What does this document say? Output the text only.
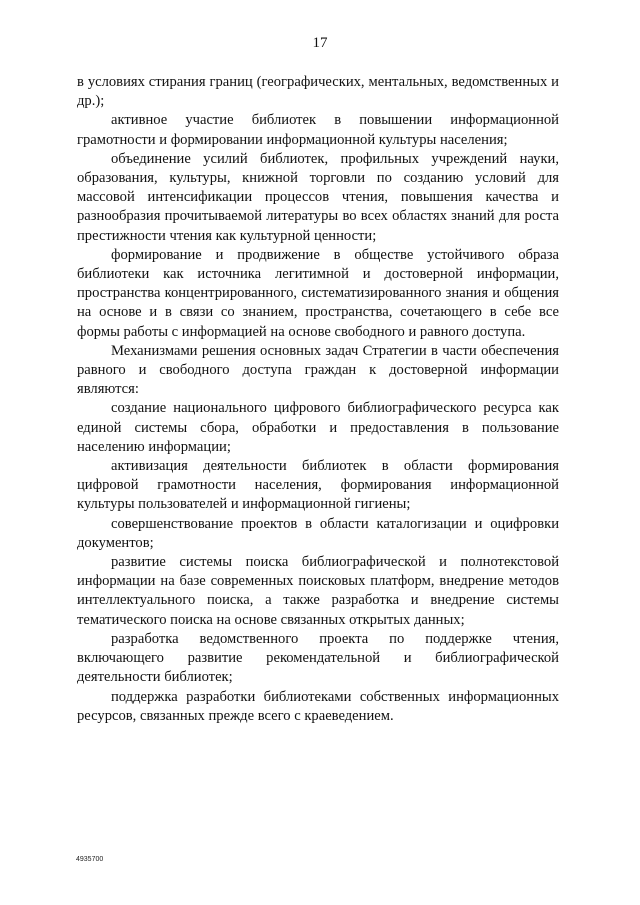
17

в условиях стирания границ (географических, ментальных, ведомственных и др.);

активное участие библиотек в повышении информационной грамотности и формировании информационной культуры населения;

объединение усилий библиотек, профильных учреждений науки, образования, культуры, книжной торговли по созданию условий для массовой интенсификации процессов чтения, повышения качества и разнообразия прочитываемой литературы во всех областях знаний для роста престижности чтения как культурной ценности;

формирование и продвижение в обществе устойчивого образа библиотеки как источника легитимной и достоверной информации, пространства концентрированного, систематизированного знания и общения на основе и в связи со знанием, пространства, сочетающего в себе все формы работы с информацией на основе свободного и равного доступа.

Механизмами решения основных задач Стратегии в части обеспечения равного и свободного доступа граждан к достоверной информации являются:

создание национального цифрового библиографического ресурса как единой системы сбора, обработки и предоставления в пользование населению информации;

активизация деятельности библиотек в области формирования цифровой грамотности населения, формирования информационной культуры пользователей и информационной гигиены;

совершенствование проектов в области каталогизации и оцифровки документов;

развитие системы поиска библиографической и полнотекстовой информации на базе современных поисковых платформ, внедрение методов интеллектуального поиска, а также разработка и внедрение системы тематического поиска на основе связанных открытых данных;

разработка ведомственного проекта по поддержке чтения, включающего развитие рекомендательной и библиографической деятельности библиотек;

поддержка разработки библиотеками собственных информационных ресурсов, связанных прежде всего с краеведением.

4935700
